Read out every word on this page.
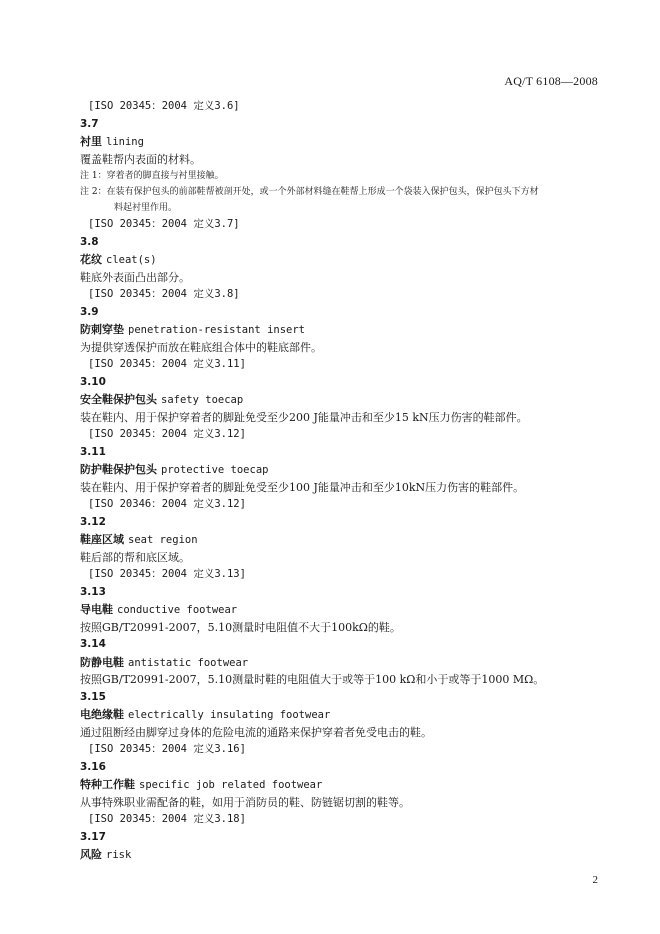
AQ/T 6108—2008
[ISO 20345：2004 定义3.6]
3.7
衬里 lining
覆盖鞋帮内表面的材料。
注 1：穿着者的脚直接与衬里接触。
注 2：在装有保护包头的前部鞋帮被剖开处，或一个外部材料缝在鞋帮上形成一个袋装入保护包头，保护包头下方材
料起衬里作用。
[ISO 20345：2004 定义3.7]
3.8
花纹 cleat(s)
鞋底外表面凸出部分。
[ISO 20345：2004 定义3.8]
3.9
防刺穿垫 penetration-resistant insert
为提供穿透保护而放在鞋底组合体中的鞋底部件。
[ISO 20345：2004 定义3.11]
3.10
安全鞋保护包头 safety toecap
装在鞋内、用于保护穿着者的脚趾免受至少200 J能量冲击和至少15 kN压力伤害的鞋部件。
[ISO 20345：2004 定义3.12]
3.11
防护鞋保护包头 protective toecap
装在鞋内、用于保护穿着者的脚趾免受至少100 J能量冲击和至少10kN压力伤害的鞋部件。
[ISO 20346：2004 定义3.12]
3.12
鞋座区域 seat region
鞋后部的帮和底区域。
[ISO 20345：2004 定义3.13]
3.13
导电鞋 conductive footwear
按照GB/T20991-2007，5.10测量时电阻值不大于100kΩ的鞋。
3.14
防静电鞋 antistatic footwear
按照GB/T20991-2007，5.10测量时鞋的电阻值大于或等于100 kΩ和小于或等于1000 MΩ。
3.15
电绝缘鞋 electrically insulating footwear
通过阻断经由脚穿过身体的危险电流的通路来保护穿着者免受电击的鞋。
[ISO 20345：2004 定义3.16]
3.16
特种工作鞋 specific job related footwear
从事特殊职业需配备的鞋，如用于消防员的鞋、防链锯切割的鞋等。
[ISO 20345：2004 定义3.18]
3.17
风险 risk
2
